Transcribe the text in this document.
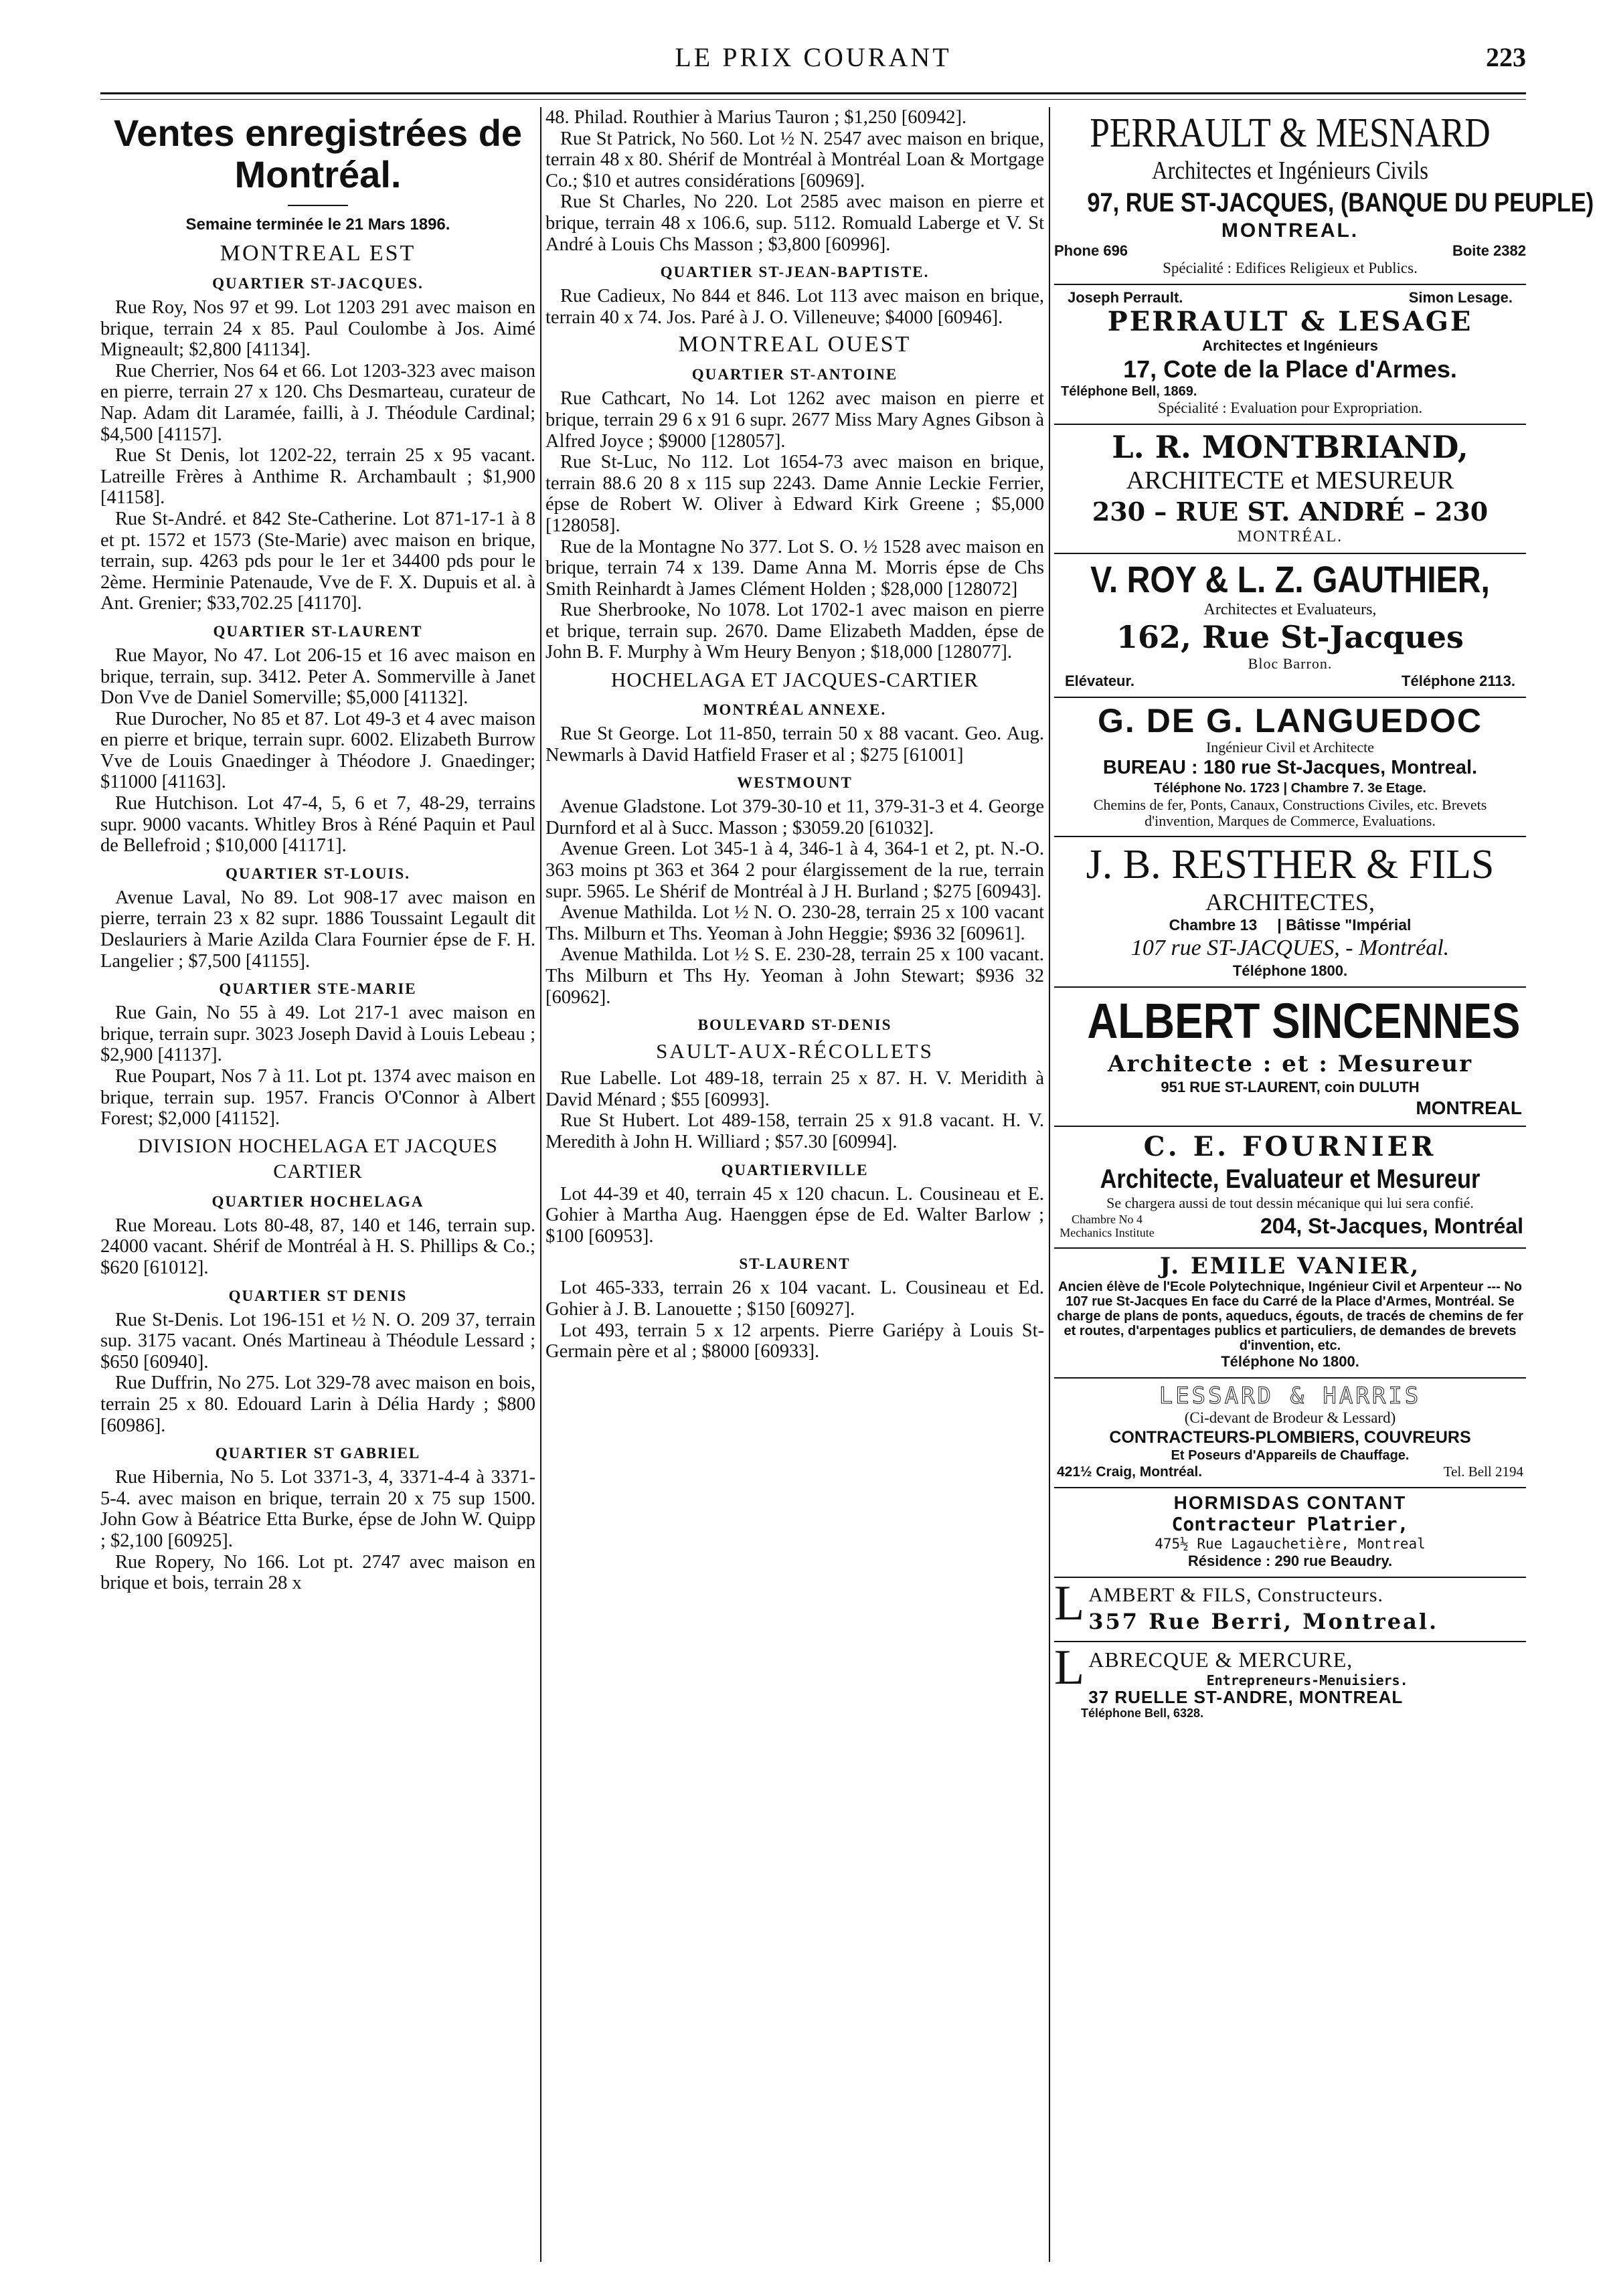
LE PRIX COURANT	223
Ventes enregistrées de Montréal.
Semaine terminée le 21 Mars 1896.
MONTREAL EST
QUARTIER ST-JACQUES.

Rue Roy, Nos 97 et 99. Lot 1203 291 avec maison en brique, terrain 24 x 85. Paul Coulombe à Jos. Aimé Migneault; $2,800 [41134].

Rue Cherrier, Nos 64 et 66. Lot 1203-323 avec maison en pierre, terrain 27 x 120. Chs Desmarteau, curateur de Nap. Adam dit Laramée, failli, à J. Théodule Cardinal; $4,500 [41157].

Rue St Denis, lot 1202-22, terrain 25 x 95 vacant. Latreille Frères à Anthime R. Archambault ; $1,900 [41158].

Rue St-André. et 842 Ste-Catherine. Lot 871-17-1 à 8 et pt. 1572 et 1573 (Ste-Marie) avec maison en brique, terrain, sup. 4263 pds pour le 1er et 34400 pds pour le 2ème. Herminie Patenaude, Vve de F. X. Dupuis et al. à Ant. Grenier; $33,702.25 [41170].

QUARTIER ST-LAURENT

Rue Mayor, No 47. Lot 206-15 et 16 avec maison en brique, terrain, sup. 3412. Peter A. Sommerville à Janet Don Vve de Daniel Somerville; $5,000 [41132].

Rue Durocher, No 85 et 87. Lot 49-3 et 4 avec maison en pierre et brique, terrain supr. 6002. Elizabeth Burrow Vve de Louis Gnaedinger à Théodore J. Gnaedinger; $11000 [41163].

Rue Hutchison. Lot 47-4, 5, 6 et 7, 48-29, terrains supr. 9000 vacants. Whitley Bros à Réné Paquin et Paul de Bellefroid ; $10,000 [41171].

QUARTIER ST-LOUIS.

Avenue Laval, No 89. Lot 908-17 avec maison en pierre, terrain 23 x 82 supr. 1886 Toussaint Legault dit Deslauriers à Marie Azilda Clara Fournier épse de F. H. Langelier ; $7,500 [41155].

QUARTIER STE-MARIE

Rue Gain, No 55 à 49. Lot 217-1 avec maison en brique, terrain supr. 3023 Joseph David à Louis Lebeau ; $2,900 [41137].

Rue Poupart, Nos 7 à 11. Lot pt. 1374 avec maison en brique, terrain sup. 1957. Francis O'Connor à Albert Forest; $2,000 [41152].

DIVISION HOCHELAGA ET JACQUES CARTIER
QUARTIER HOCHELAGA

Rue Moreau. Lots 80-48, 87, 140 et 146, terrain sup. 24000 vacant. Shérif de Montréal à H. S. Phillips & Co.; $620 [61012].

QUARTIER ST DENIS

Rue St-Denis. Lot 196-151 et ½ N. O. 209 37, terrain sup. 3175 vacant. Onés Martineau à Théodule Lessard ; $650 [60940].

Rue Duffrin, No 275. Lot 329-78 avec maison en bois, terrain 25 x 80. Edouard Larin à Délia Hardy ; $800 [60986].

QUARTIER ST GABRIEL

Rue Hibernia, No 5. Lot 3371-3, 4, 3371-4-4 à 3371-5-4. avec maison en brique, terrain 20 x 75 sup 1500. John Gow à Béatrice Etta Burke, épse de John W. Quipp ; $2,100 [60925].

Rue Ropery, No 166. Lot pt. 2747 avec maison en brique et bois, terrain 28 x

48. Philad. Routhier à Marius Tauron ; $1,250 [60942].

Rue St Patrick, No 560. Lot ½ N. 2547 avec maison en brique, terrain 48 x 80. Shérif de Montréal à Montréal Loan & Mortgage Co.; $10 et autres considérations [60969].

Rue St Charles, No 220. Lot 2585 avec maison en pierre et brique, terrain 48 x 106.6, sup. 5112. Romuald Laberge et V. St André à Louis Chs Masson ; $3,800 [60996].

QUARTIER ST-JEAN-BAPTISTE.

Rue Cadieux, No 844 et 846. Lot 113 avec maison en brique, terrain 40 x 74. Jos. Paré à J. O. Villeneuve; $4000 [60946].

MONTREAL OUEST
QUARTIER ST-ANTOINE

Rue Cathcart, No 14. Lot 1262 avec maison en pierre et brique, terrain 29 6 x 91 6 supr. 2677 Miss Mary Agnes Gibson à Alfred Joyce ; $9000 [128057].

Rue St-Luc, No 112. Lot 1654-73 avec maison en brique, terrain 88.6 20 8 x 115 sup 2243. Dame Annie Leckie Ferrier, épse de Robert W. Oliver à Edward Kirk Greene ; $5,000 [128058].

Rue de la Montagne No 377. Lot S. O. ½ 1528 avec maison en brique, terrain 74 x 139. Dame Anna M. Morris épse de Chs Smith Reinhardt à James Clément Holden ; $28,000 [128072]

Rue Sherbrooke, No 1078. Lot 1702-1 avec maison en pierre et brique, terrain sup. 2670. Dame Elizabeth Madden, épse de John B. F. Murphy à Wm Heury Benyon ; $18,000 [128077].

HOCHELAGA ET JACQUES-CARTIER
MONTRÉAL ANNEXE.

Rue St George. Lot 11-850, terrain 50 x 88 vacant. Geo. Aug. Newmarls à David Hatfield Fraser et al ; $275 [61001]

WESTMOUNT

Avenue Gladstone. Lot 379-30-10 et 11, 379-31-3 et 4. George Durnford et al à Succ. Masson ; $3059.20 [61032].

Avenue Green. Lot 345-1 à 4, 346-1 à 4, 364-1 et 2, pt. N.-O. 363 moins pt 363 et 364 2 pour élargissement de la rue, terrain supr. 5965. Le Shérif de Montréal à J H. Burland ; $275 [60943].

Avenue Mathilda. Lot ½ N. O. 230-28, terrain 25 x 100 vacant Ths. Milburn et Ths. Yeoman à John Heggie; $936 32 [60961].

Avenue Mathilda. Lot ½ S. E. 230-28, terrain 25 x 100 vacant. Ths Milburn et Ths Hy. Yeoman à John Stewart; $936 32 [60962].

BOULEVARD ST-DENIS
SAULT-AUX-RÉCOLLETS

Rue Labelle. Lot 489-18, terrain 25 x 87. H. V. Meridith à David Ménard ; $55 [60993].

Rue St Hubert. Lot 489-158, terrain 25 x 91.8 vacant. H. V. Meredith à John H. Williard ; $57.30 [60994].

QUARTIERVILLE

Lot 44-39 et 40, terrain 45 x 120 chacun. L. Cousineau et E. Gohier à Martha Aug. Haenggen épse de Ed. Walter Barlow ; $100 [60953].

ST-LAURENT

Lot 465-333, terrain 26 x 104 vacant. L. Cousineau et Ed. Gohier à J. B. Lanouette ; $150 [60927].

Lot 493, terrain 5 x 12 arpents. Pierre Gariépy à Louis St-Germain père et al ; $8000 [60933].

PERRAULT & MESNARD
Architectes et Ingénieurs Civils
97, RUE ST-JACQUES, (BANQUE DU PEUPLE)
MONTREAL.
Phone 696	Boite 2382
Spécialité : Edifices Religieux et Publics.
Joseph Perrault.	Simon Lesage.
PERRAULT & LESAGE
Architectes et Ingénieurs
17, Cote de la Place d'Armes.
Téléphone Bell, 1869.
Spécialité : Evaluation pour Expropriation.
L. R. MONTBRIAND,
ARCHITECTE et MESUREUR
230 – RUE ST. ANDRÉ – 230
MONTRÉAL.
V. ROY & L. Z. GAUTHIER,
Architectes et Evaluateurs,
162, Rue St-Jacques
Bloc Barron.
Elévateur.	Téléphone 2113.
G. DE G. LANGUEDOC
Ingénieur Civil et Architecte
BUREAU : 180 rue St-Jacques, Montreal.
Téléphone No. 1723 | Chambre 7. 3e Etage.
Chemins de fer, Ponts, Canaux, Constructions Civiles, etc. Brevets d'invention, Marques de Commerce, Evaluations.
J. B. RESTHER & FILS
ARCHITECTES,
Chambre 13 | Bâtisse "Impérial
107 rue ST-JACQUES, - Montréal.
Téléphone 1800.
ALBERT SINCENNES
Architecte : et : Mesureur
951 RUE ST-LAURENT, coin DULUTH
MONTREAL
C. E. FOURNIER
Architecte, Evaluateur et Mesureur
Se chargera aussi de tout dessin mécanique qui lui sera confié.
Chambre No 4 Mechanics Institute	204, St-Jacques, Montréal
J. EMILE VANIER,
Ancien élève de l'Ecole Polytechnique, Ingénieur Civil et Arpenteur --- No 107 rue St-Jacques En face du Carré de la Place d'Armes, Montréal. Se charge de plans de ponts, aqueducs, égouts, de tracés de chemins de fer et routes, d'arpentages publics et particuliers, de demandes de brevets d'invention, etc.
Téléphone No 1800.
LESSARD & HARRIS
(Ci-devant de Brodeur & Lessard)
CONTRACTEURS-PLOMBIERS, COUVREURS
Et Poseurs d'Appareils de Chauffage.
421½ Craig, Montréal.	Tel. Bell 2194
HORMISDAS CONTANT
Contracteur Platrier,
475½ Rue Lagauchetière, Montreal
Résidence : 290 rue Beaudry.
L AMBERT & FILS, Constructeurs.
357 Rue Berri, Montreal.
L ABRECQUE & MERCURE,
Entrepreneurs-Menuisiers.
37 RUELLE ST-ANDRE, MONTREAL
Téléphone Bell, 6328.
